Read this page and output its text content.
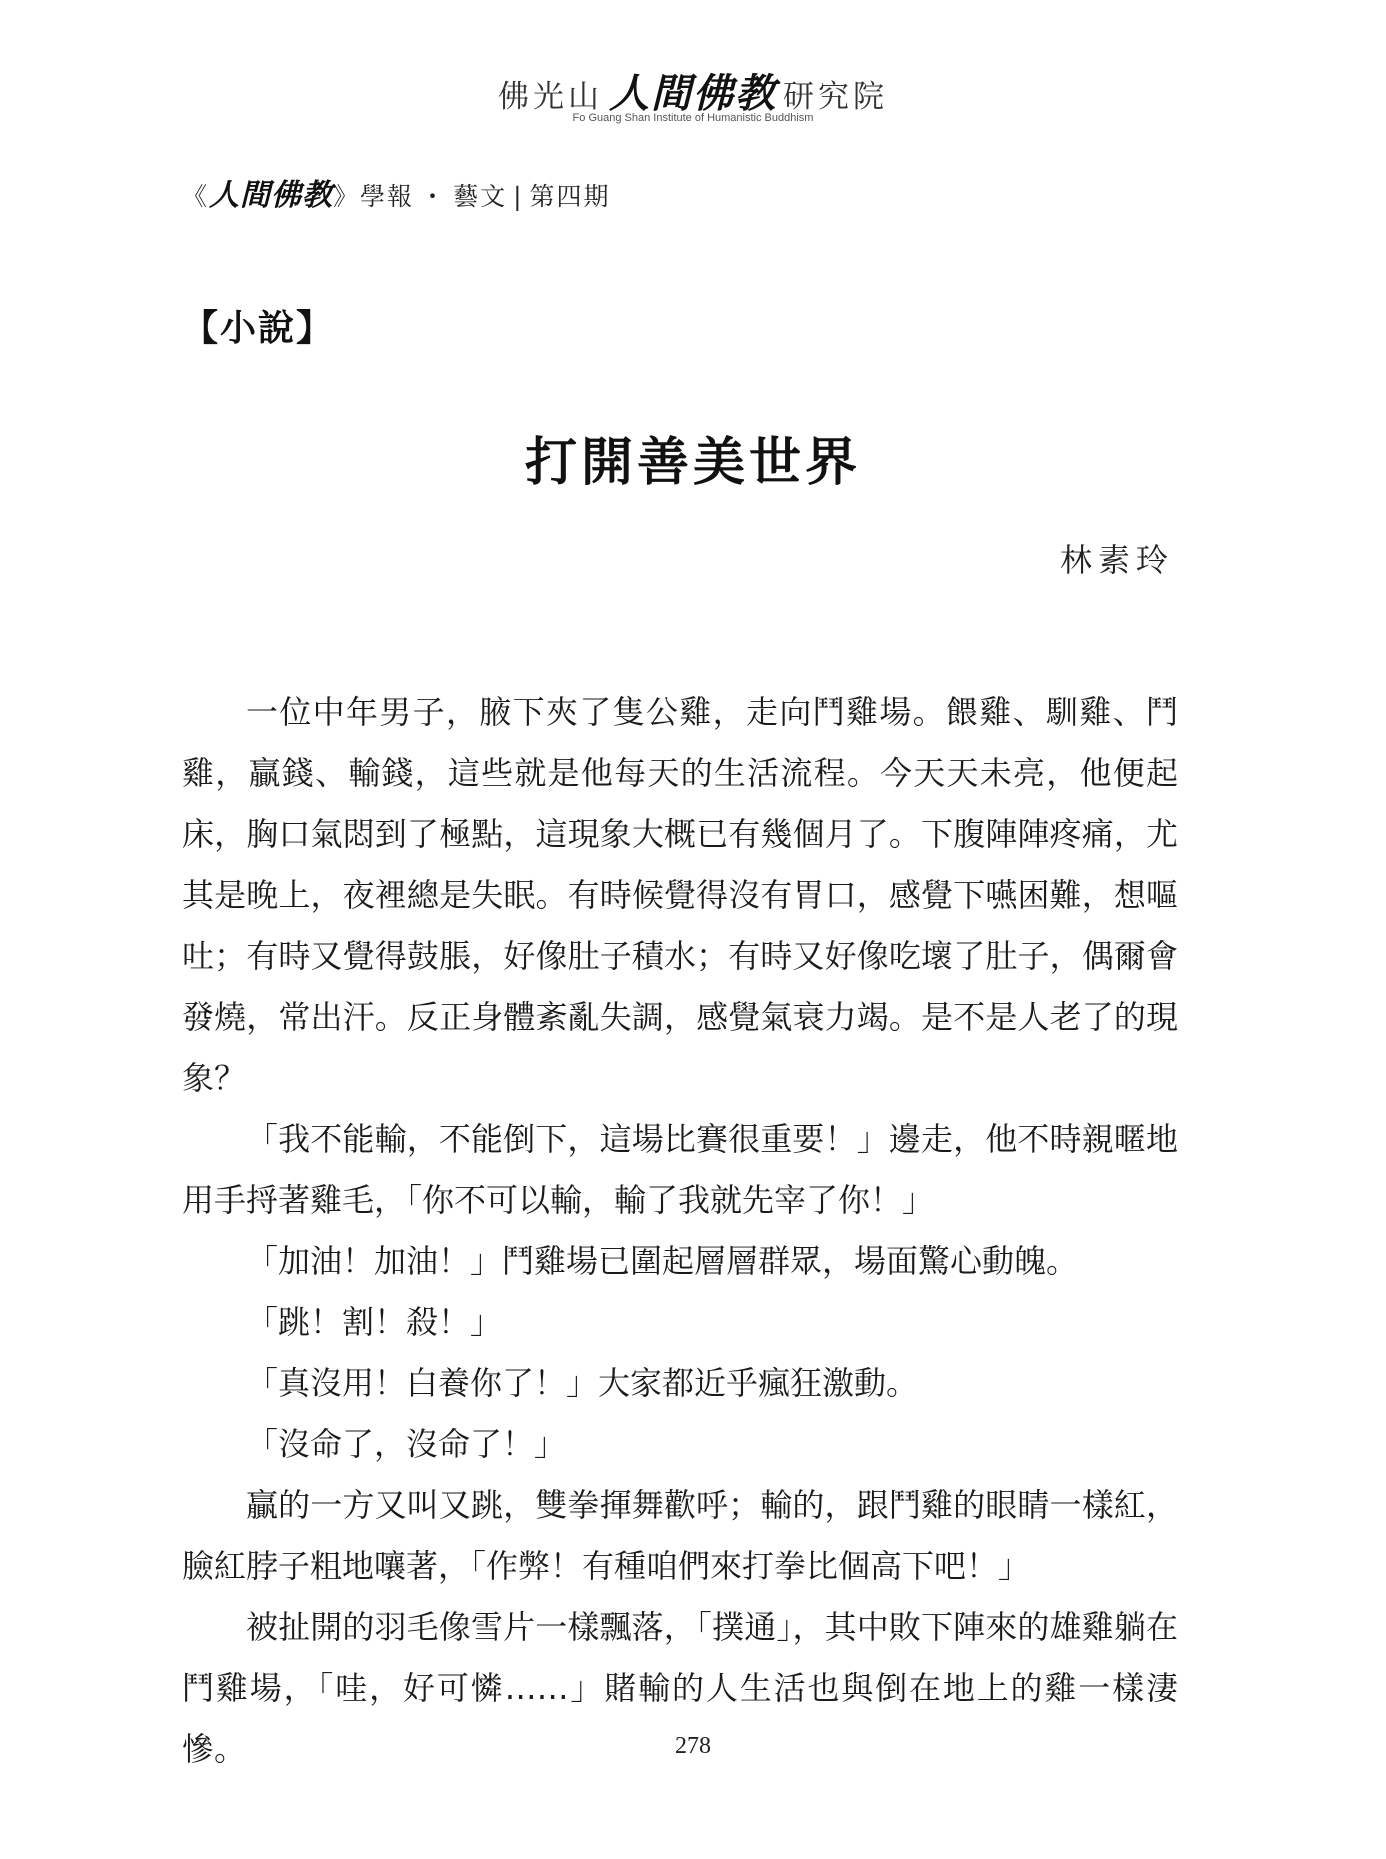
佛光山 人間佛教 研究院
Fo Guang Shan Institute of Humanistic Buddhism
《人間佛教》學報 ・ 藝文 | 第四期
【小說】
打開善美世界
林素玲

一位中年男子，腋下夾了隻公雞，走向鬥雞場。餵雞、馴雞、鬥雞，贏錢、輸錢，這些就是他每天的生活流程。今天天未亮，他便起床，胸口氣悶到了極點，這現象大概已有幾個月了。下腹陣陣疼痛，尤其是晚上，夜裡總是失眠。有時候覺得沒有胃口，感覺下嚥困難，想嘔吐；有時又覺得鼓脹，好像肚子積水；有時又好像吃壞了肚子，偶爾會發燒，常出汗。反正身體紊亂失調，感覺氣衰力竭。是不是人老了的現象？

「我不能輸，不能倒下，這場比賽很重要！」邊走，他不時親暱地用手捋著雞毛，「你不可以輸，輸了我就先宰了你！」

「加油！加油！」鬥雞場已圍起層層群眾，場面驚心動魄。

「跳！割！殺！」

「真沒用！白養你了！」大家都近乎瘋狂激動。

「沒命了，沒命了！」

贏的一方又叫又跳，雙拳揮舞歡呼；輸的，跟鬥雞的眼睛一樣紅，臉紅脖子粗地嚷著，「作弊！有種咱們來打拳比個高下吧！」

被扯開的羽毛像雪片一樣飄落，「撲通」，其中敗下陣來的雄雞躺在鬥雞場，「哇，好可憐……」賭輸的人生活也與倒在地上的雞一樣淒慘。	278
